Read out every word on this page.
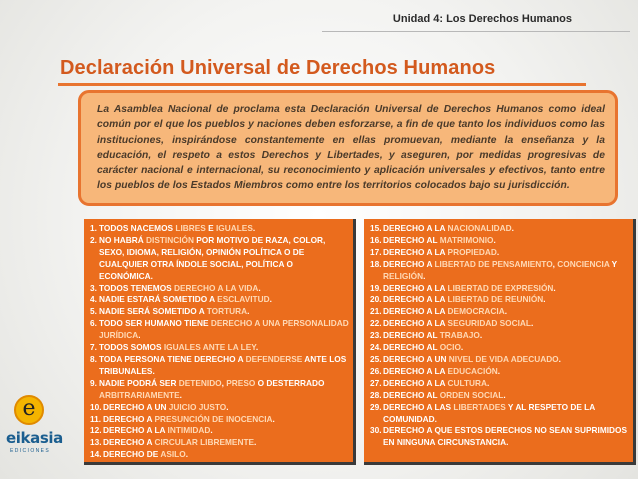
Unidad 4: Los Derechos Humanos
Declaración Universal de Derechos Humanos
La Asamblea Nacional de proclama esta Declaración Universal de Derechos Humanos como ideal común por el que los pueblos y naciones deben esforzarse, a fin de que tanto los individuos como las instituciones, inspirándose constantemente en ellas promuevan, mediante la enseñanza y la educación, el respeto a estos Derechos y Libertades, y aseguren, por medidas progresivas de carácter nacional e internacional, su reconocimiento y aplicación universales y efectivos, tanto entre los pueblos de los Estados Miembros como entre los territorios colocados bajo su jurisdicción.
1. TODOS NACEMOS LIBRES E IGUALES.
2. NO HABRÁ DISTINCIÓN POR MOTIVO DE RAZA, COLOR, SEXO, IDIOMA, RELIGIÓN, OPINIÓN POLÍTICA O DE CUALQUIER OTRA ÍNDOLE SOCIAL, POLÍTICA O ECONÓMICA.
3. TODOS TENEMOS DERECHO A LA VIDA.
4. NADIE ESTARÁ SOMETIDO A ESCLAVITUD.
5. NADIE SERÁ SOMETIDO A TORTURA.
6. TODO SER HUMANO TIENE DERECHO A UNA PERSONALIDAD JURÍDICA.
7. TODOS SOMOS IGUALES ANTE LA LEY.
8. TODA PERSONA TIENE DERECHO A DEFENDERSE ANTE LOS TRIBUNALES.
9. NADIE PODRÁ SER DETENIDO, PRESO O DESTERRADO ARBITRARIAMENTE.
10. DERECHO A UN JUICIO JUSTO.
11. DERECHO A PRESUNCIÓN DE INOCENCIA.
12. DERECHO A LA INTIMIDAD.
13. DERECHO A CIRCULAR LIBREMENTE.
14. DERECHO DE ASILO.
15. DERECHO A LA NACIONALIDAD.
16. DERECHO AL MATRIMONIO.
17. DERECHO A LA PROPIEDAD.
18. DERECHO A LIBERTAD DE PENSAMIENTO, CONCIENCIA Y RELIGIÓN.
19. DERECHO A LA LIBERTAD DE EXPRESIÓN.
20. DERECHO A LA LIBERTAD DE REUNIÓN.
21. DERECHO A LA DEMOCRACIA.
22. DERECHO A LA SEGURIDAD SOCIAL.
23. DERECHO AL TRABAJO.
24. DERECHO AL OCIO.
25. DERECHO A UN NIVEL DE VIDA ADECUADO.
26. DERECHO A LA EDUCACIÓN.
27. DERECHO A LA CULTURA.
28. DERECHO AL ORDEN SOCIAL.
29. DERECHO A LAS LIBERTADES Y AL RESPETO DE LA COMUNIDAD.
30. DERECHO A QUE ESTOS DERECHOS NO SEAN SUPRIMIDOS EN NINGUNA CIRCUNSTANCIA.
e
eikasia
EDICIONES
